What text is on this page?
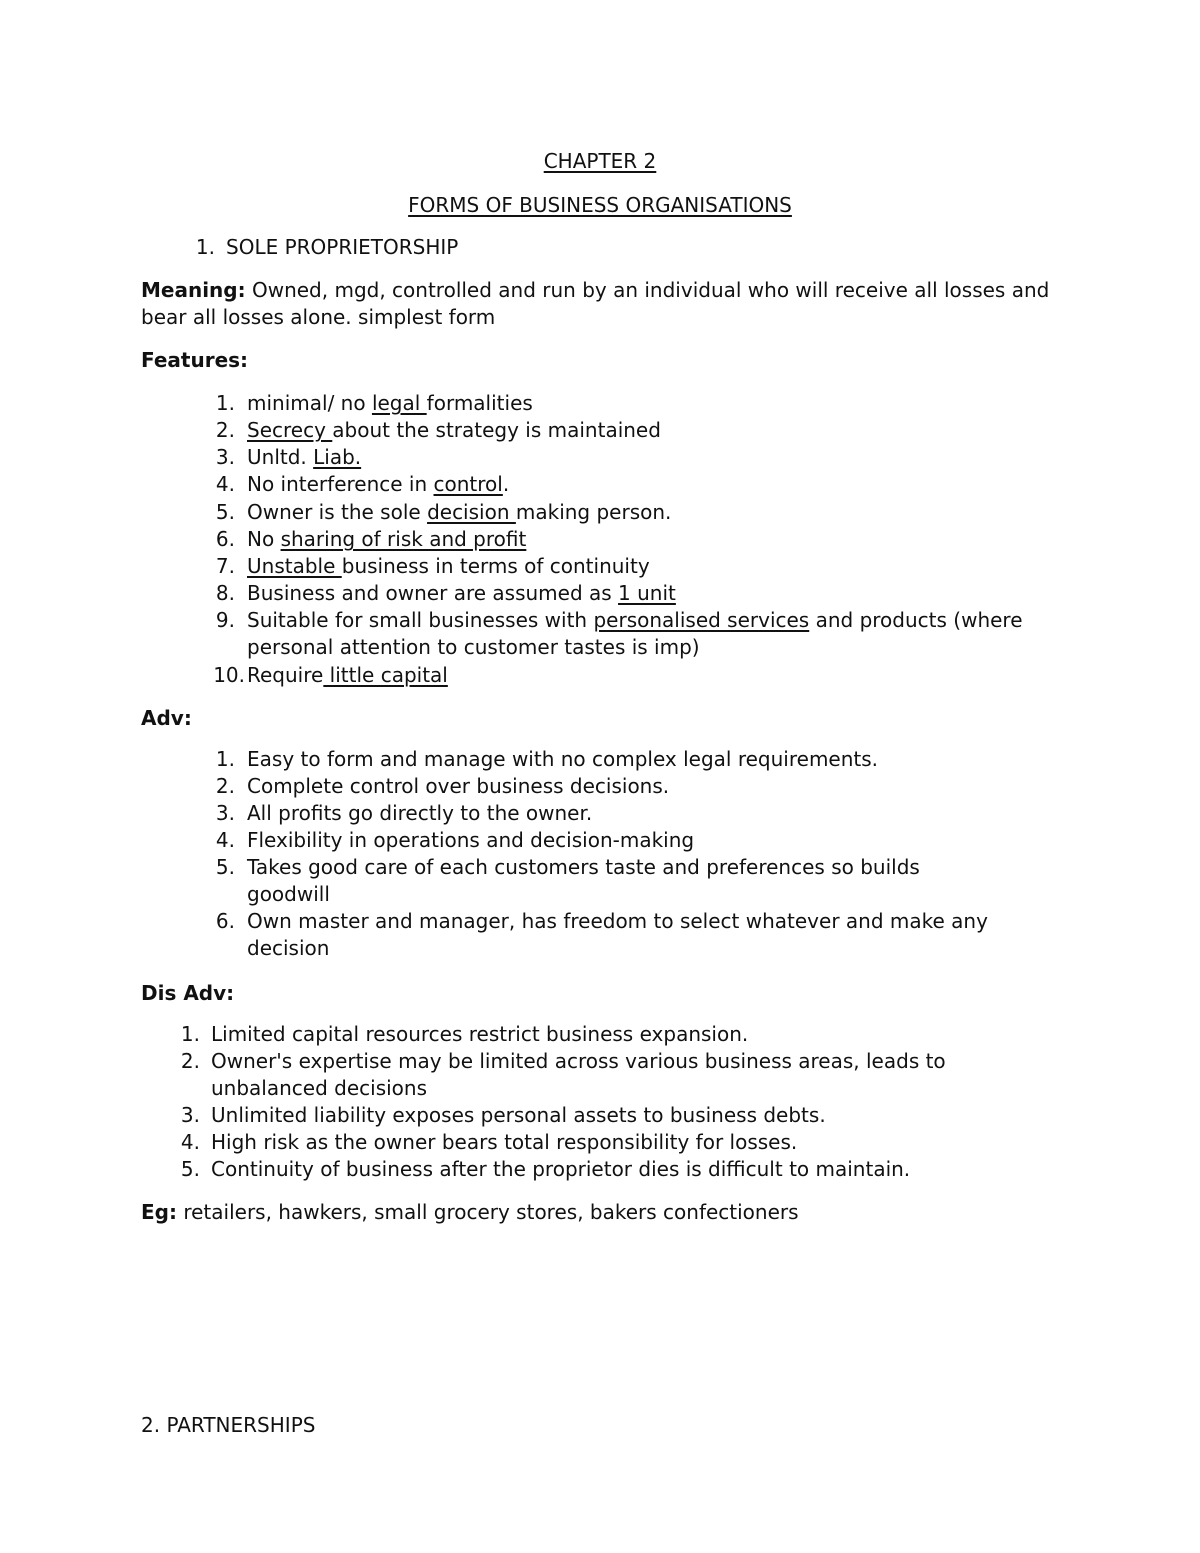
CHAPTER 2
FORMS OF BUSINESS ORGANISATIONS
1. SOLE PROPRIETORSHIP
Meaning: Owned, mgd, controlled and run by an individual who will receive all losses and bear all losses alone. simplest form
Features:
1. minimal/ no legal formalities
2. Secrecy about the strategy is maintained
3. Unltd. Liab.
4. No interference in control.
5. Owner is the sole decision making person.
6. No sharing of risk and profit
7. Unstable business in terms of continuity
8. Business and owner are assumed as 1 unit
9. Suitable for small businesses with personalised services and products (where personal attention to customer tastes is imp)
10. Require little capital
Adv:
1. Easy to form and manage with no complex legal requirements.
2. Complete control over business decisions.
3. All profits go directly to the owner.
4. Flexibility in operations and decision-making
5. Takes good care of each customers taste and preferences so builds goodwill
6. Own master and manager, has freedom to select whatever and make any decision
Dis Adv:
1. Limited capital resources restrict business expansion.
2. Owner's expertise may be limited across various business areas, leads to unbalanced decisions
3. Unlimited liability exposes personal assets to business debts.
4. High risk as the owner bears total responsibility for losses.
5. Continuity of business after the proprietor dies is difficult to maintain.
Eg: retailers, hawkers, small grocery stores, bakers confectioners
2. PARTNERSHIPS
